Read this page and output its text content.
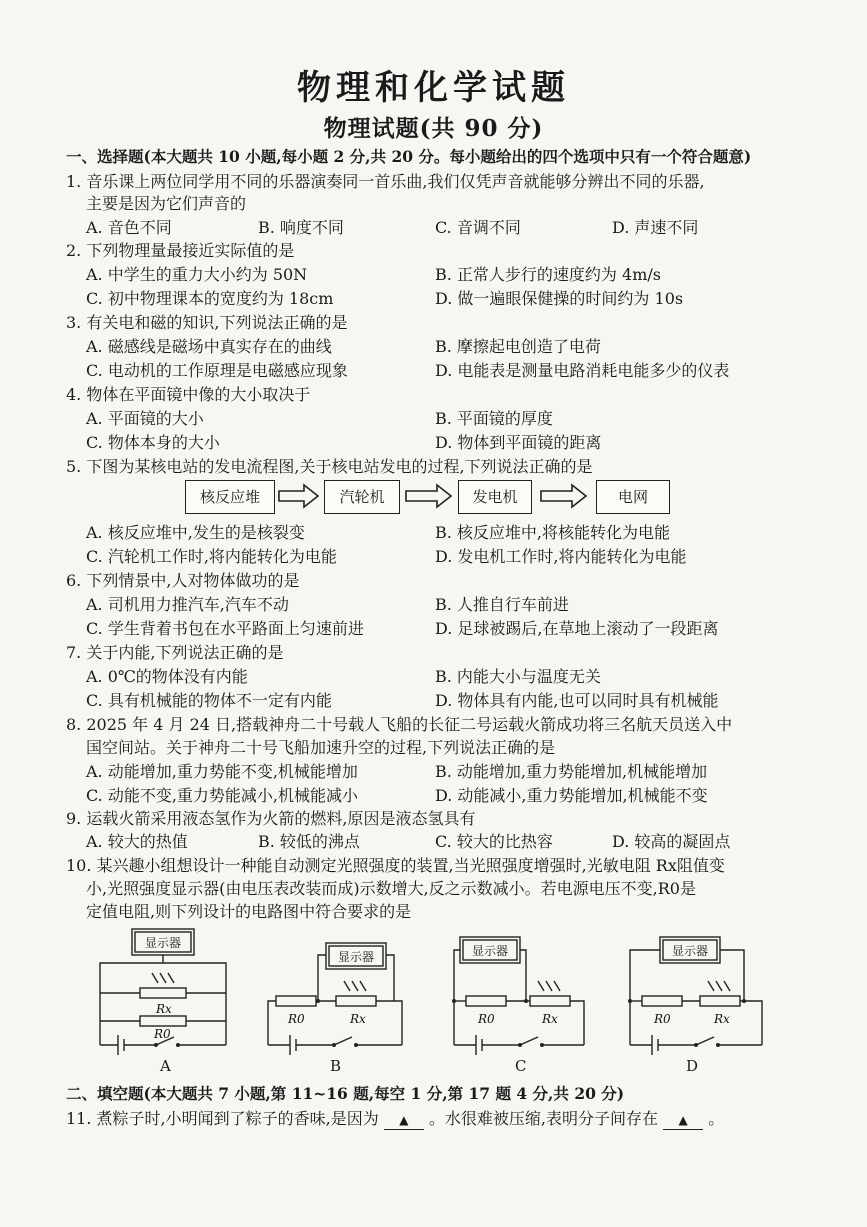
物理和化学试题
物理试题(共 90 分)
一、选择题(本大题共 10 小题,每小题 2 分,共 20 分。每小题给出的四个选项中只有一个符合题意)
1. 音乐课上两位同学用不同的乐器演奏同一首乐曲,我们仅凭声音就能够分辨出不同的乐器,
主要是因为它们声音的
A. 音色不同	B. 响度不同	C. 音调不同	D. 声速不同
2. 下列物理量最接近实际值的是
A. 中学生的重力大小约为 50N	B. 正常人步行的速度约为 4m/s
C. 初中物理课本的宽度约为 18cm	D. 做一遍眼保健操的时间约为 10s
3. 有关电和磁的知识,下列说法正确的是
A. 磁感线是磁场中真实存在的曲线	B. 摩擦起电创造了电荷
C. 电动机的工作原理是电磁感应现象	D. 电能表是测量电路消耗电能多少的仪表
4. 物体在平面镜中像的大小取决于
A. 平面镜的大小	B. 平面镜的厚度
C. 物体本身的大小	D. 物体到平面镜的距离
5. 下图为某核电站的发电流程图,关于核电站发电的过程,下列说法正确的是
核反应堆	汽轮机	发电机	电网
A. 核反应堆中,发生的是核裂变	B. 核反应堆中,将核能转化为电能
C. 汽轮机工作时,将内能转化为电能	D. 发电机工作时,将内能转化为电能
6. 下列情景中,人对物体做功的是
A. 司机用力推汽车,汽车不动	B. 人推自行车前进
C. 学生背着书包在水平路面上匀速前进	D. 足球被踢后,在草地上滚动了一段距离
7. 关于内能,下列说法正确的是
A. 0℃的物体没有内能	B. 内能大小与温度无关
C. 具有机械能的物体不一定有内能	D. 物体具有内能,也可以同时具有机械能
8. 2025 年 4 月 24 日,搭载神舟二十号载人飞船的长征二号运载火箭成功将三名航天员送入中
国空间站。关于神舟二十号飞船加速升空的过程,下列说法正确的是
A. 动能增加,重力势能不变,机械能增加	B. 动能增加,重力势能增加,机械能增加
C. 动能不变,重力势能减小,机械能减小	D. 动能减小,重力势能增加,机械能不变
9. 运载火箭采用液态氢作为火箭的燃料,原因是液态氢具有
A. 较大的热值	B. 较低的沸点	C. 较大的比热容	D. 较高的凝固点
10. 某兴趣小组想设计一种能自动测定光照强度的装置,当光照强度增强时,光敏电阻 Rx阻值变
小,光照强度显示器(由电压表改装而成)示数增大,反之示数减小。若电源电压不变,R0是
定值电阻,则下列设计的电路图中符合要求的是
显示器
Rx
R0
显示器
R0	Rx
显示器
R0	Rx
显示器
R0	Rx
A	B	C	D
二、填空题(本大题共 7 小题,第 11~16 题,每空 1 分,第 17 题 4 分,共 20 分)
11. 煮粽子时,小明闻到了粽子的香味,是因为 ▲ 。水很难被压缩,表明分子间存在 ▲ 。
